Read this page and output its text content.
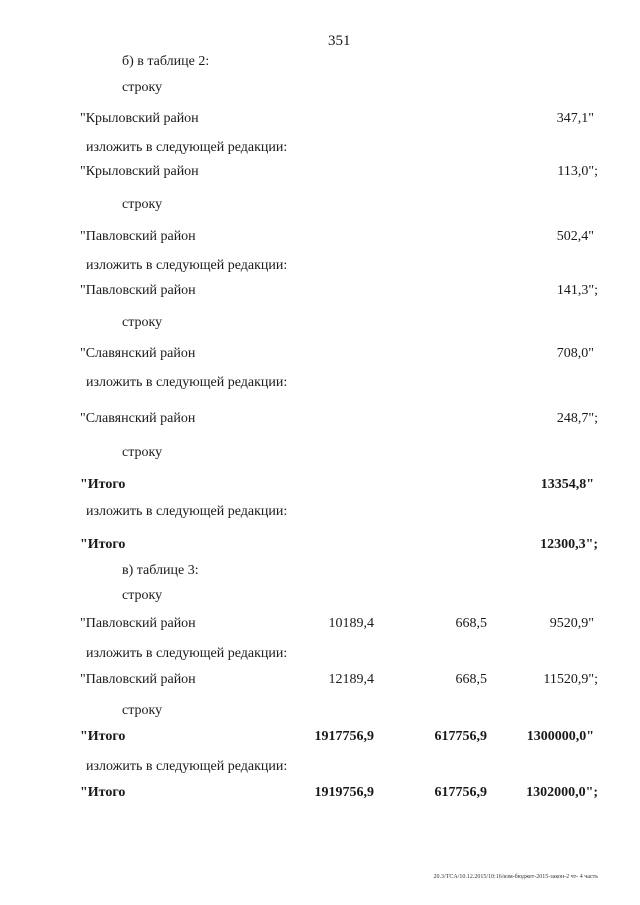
351
б) в таблице 2:
строку
"Крыловский район	347,1"
изложить в следующей редакции:
"Крыловский район	113,0";
строку
"Павловский район	502,4"
изложить в следующей редакции:
"Павловский район	141,3";
строку
"Славянский район	708,0"
изложить в следующей редакции:
"Славянский район	248,7";
строку
"Итого	13354,8"
изложить в следующей редакции:
"Итого	12300,3";
в) таблице 3:
строку
"Павловский район	10189,4	668,5	9520,9"
изложить в следующей редакции:
"Павловский район	12189,4	668,5	11520,9";
строку
"Итого	1917756,9	617756,9	1300000,0"
изложить в следующей редакции:
"Итого	1919756,9	617756,9	1302000,0";
20.3/TCA/10.12.2015/10:16/изм-бюджет-2015-закон-2 чт- 4 часть
